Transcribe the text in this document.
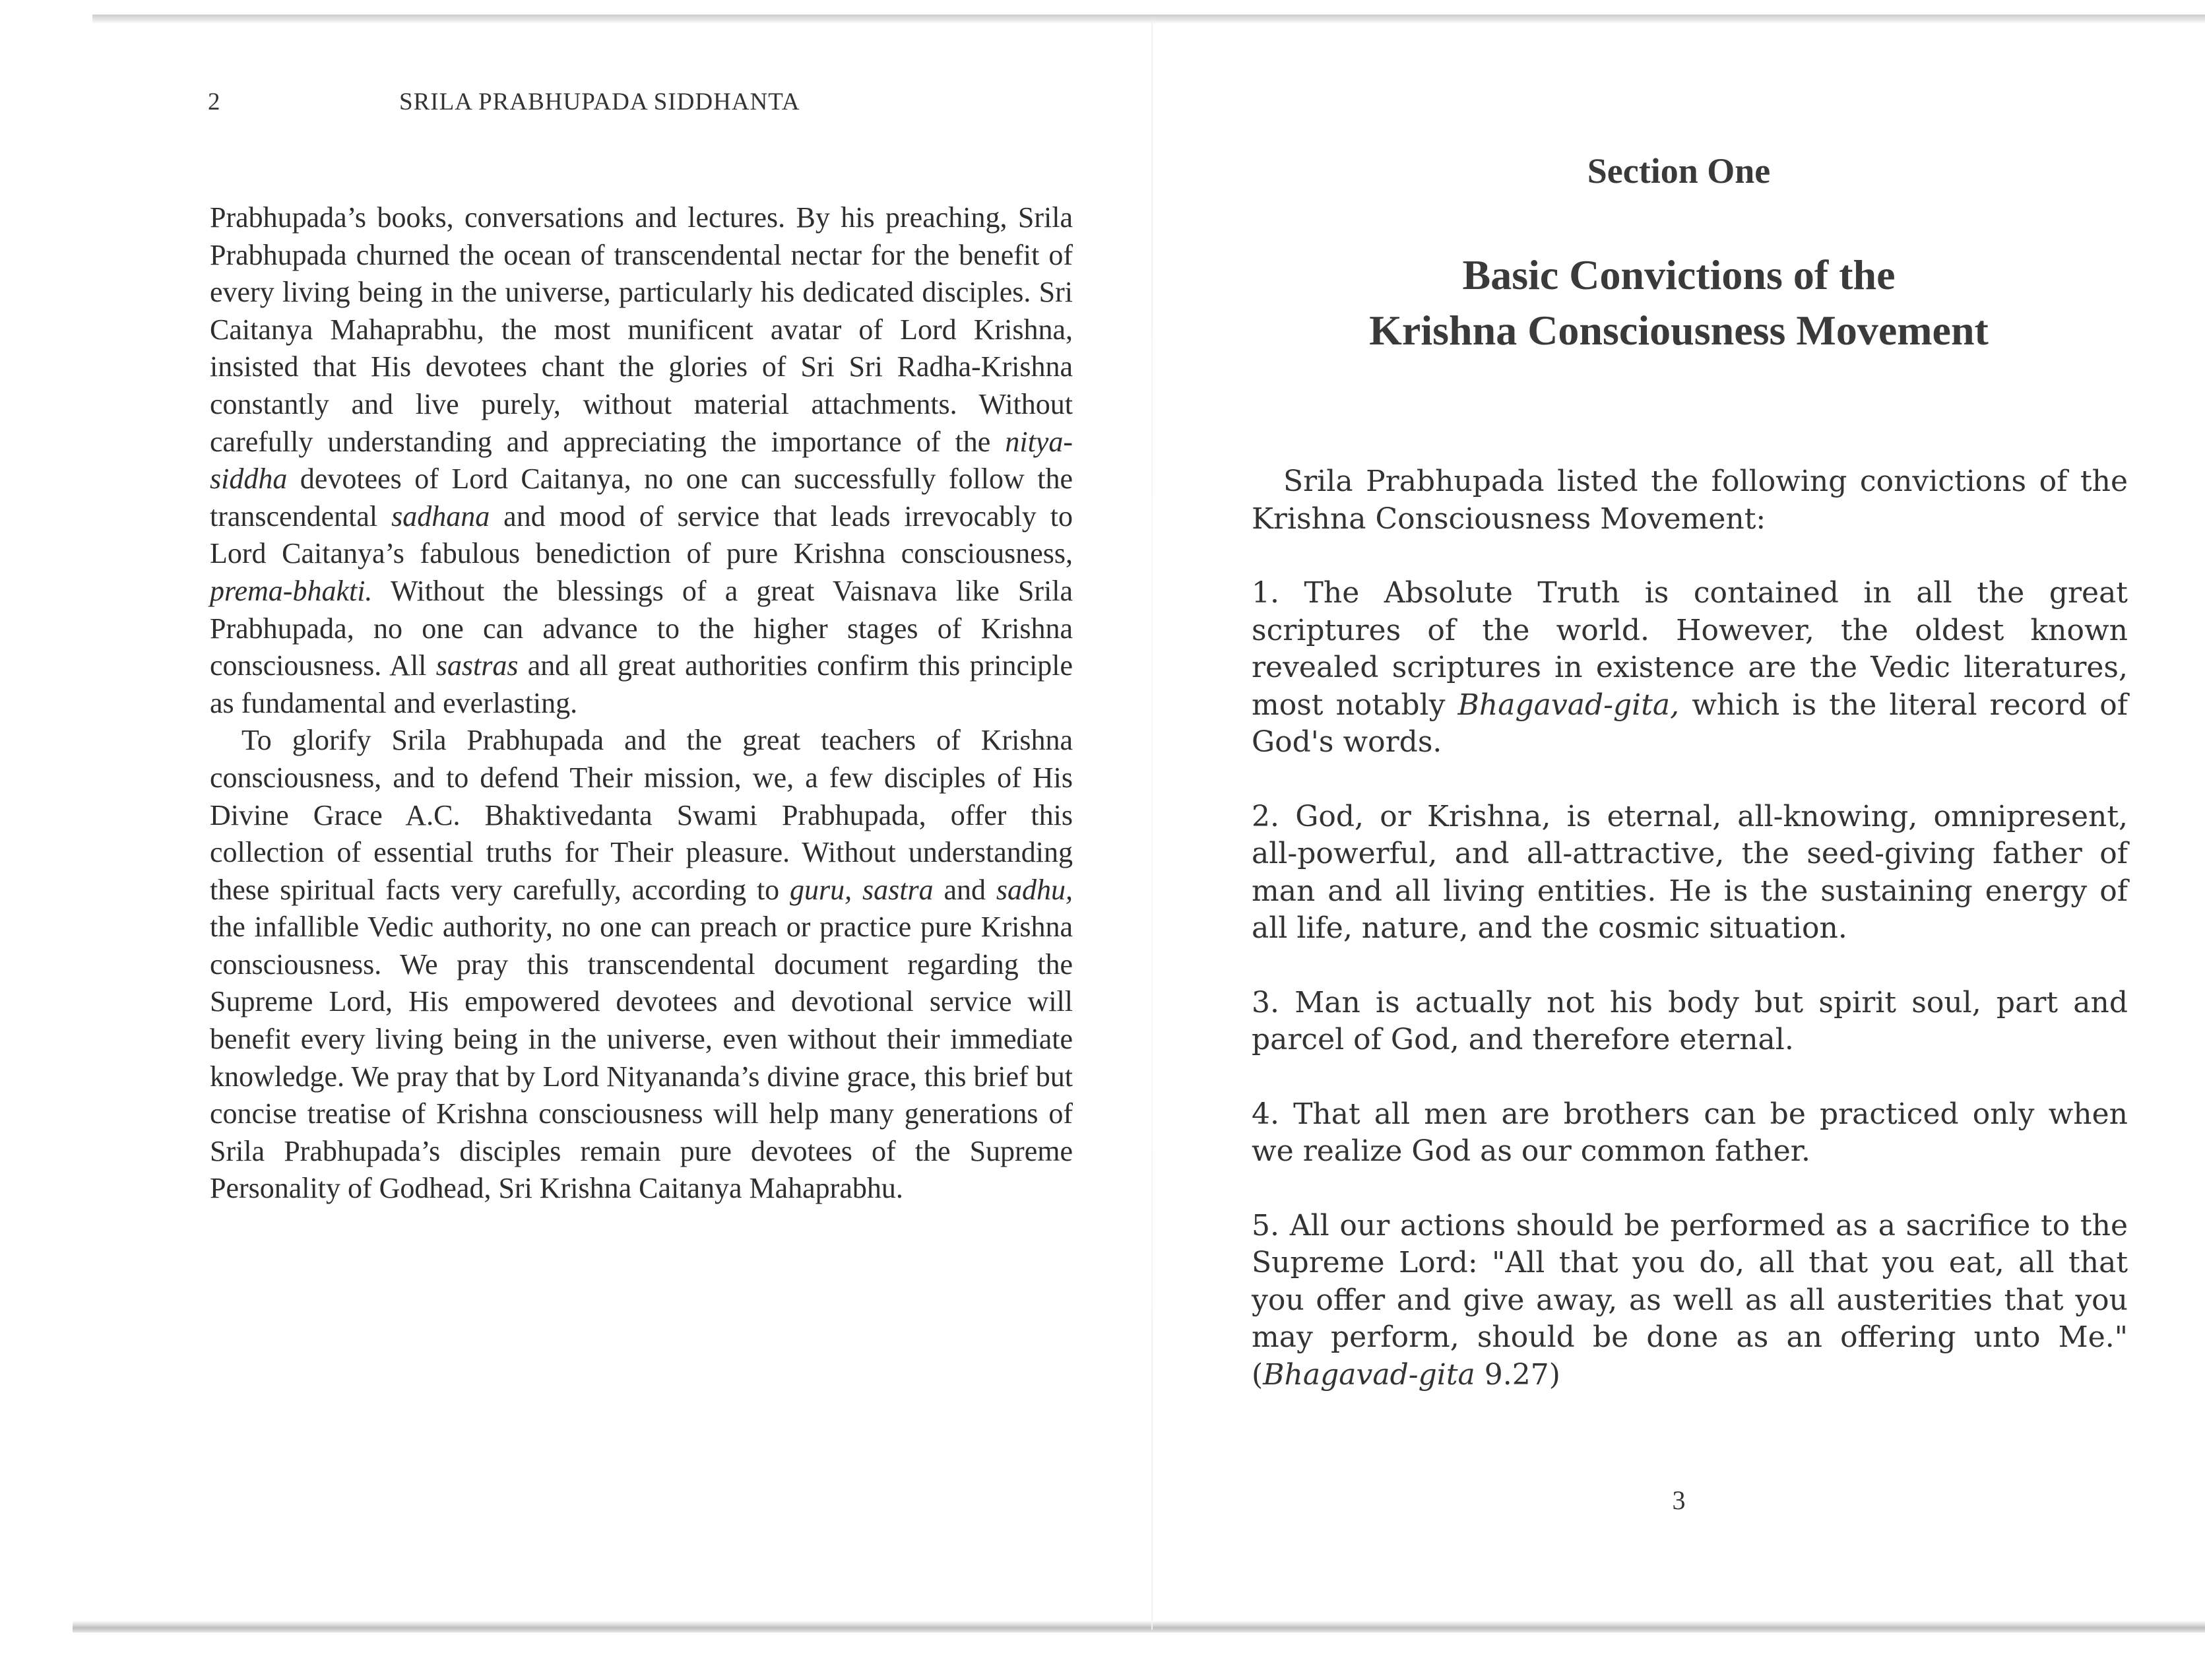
2	SRILA PRABHUPADA SIDDHANTA

Prabhupada’s books, conversations and lectures. By his preaching, Srila Prabhupada churned the ocean of transcendental nectar for the benefit of every living being in the universe, particularly his dedicated disciples. Sri Caitanya Mahaprabhu, the most munificent avatar of Lord Krishna, insisted that His devotees chant the glories of Sri Sri Radha-Krishna constantly and live purely, without material attachments. Without carefully understanding and appreciating the importance of the nitya-siddha devotees of Lord Caitanya, no one can successfully follow the transcendental sadhana and mood of service that leads irrevocably to Lord Caitanya’s fabulous benediction of pure Krishna consciousness, prema-bhakti. Without the blessings of a great Vaisnava like Srila Prabhupada, no one can advance to the higher stages of Krishna consciousness. All sastras and all great authorities confirm this principle as fundamental and everlasting.

To glorify Srila Prabhupada and the great teachers of Krishna consciousness, and to defend Their mission, we, a few disciples of His Divine Grace A.C. Bhaktivedanta Swami Prabhupada, offer this collection of essential truths for Their pleasure. Without understanding these spiritual facts very carefully, according to guru, sastra and sadhu, the infallible Vedic authority, no one can preach or practice pure Krishna consciousness. We pray this transcendental document regarding the Supreme Lord, His empowered devotees and devotional service will benefit every living being in the universe, even without their immediate knowledge. We pray that by Lord Nityananda’s divine grace, this brief but concise treatise of Krishna consciousness will help many generations of Srila Prabhupada’s disciples remain pure devotees of the Supreme Personality of Godhead, Sri Krishna Caitanya Mahaprabhu.

Section One
Basic Convictions of the
Krishna Consciousness Movement

Srila Prabhupada listed the following convictions of the Krishna Consciousness Movement:

1. The Absolute Truth is contained in all the great scriptures of the world. However, the oldest known revealed scriptures in existence are the Vedic literatures, most notably Bhagavad-gita, which is the literal record of God's words.

2. God, or Krishna, is eternal, all-knowing, omnipresent, all-powerful, and all-attractive, the seed-giving father of man and all living entities. He is the sustaining energy of all life, nature, and the cosmic situation.

3. Man is actually not his body but spirit soul, part and parcel of God, and therefore eternal.

4. That all men are brothers can be practiced only when we realize God as our common father.

5. All our actions should be performed as a sacrifice to the Supreme Lord: "All that you do, all that you eat, all that you offer and give away, as well as all austerities that you may perform, should be done as an offering unto Me." (Bhagavad-gita 9.27)

3
